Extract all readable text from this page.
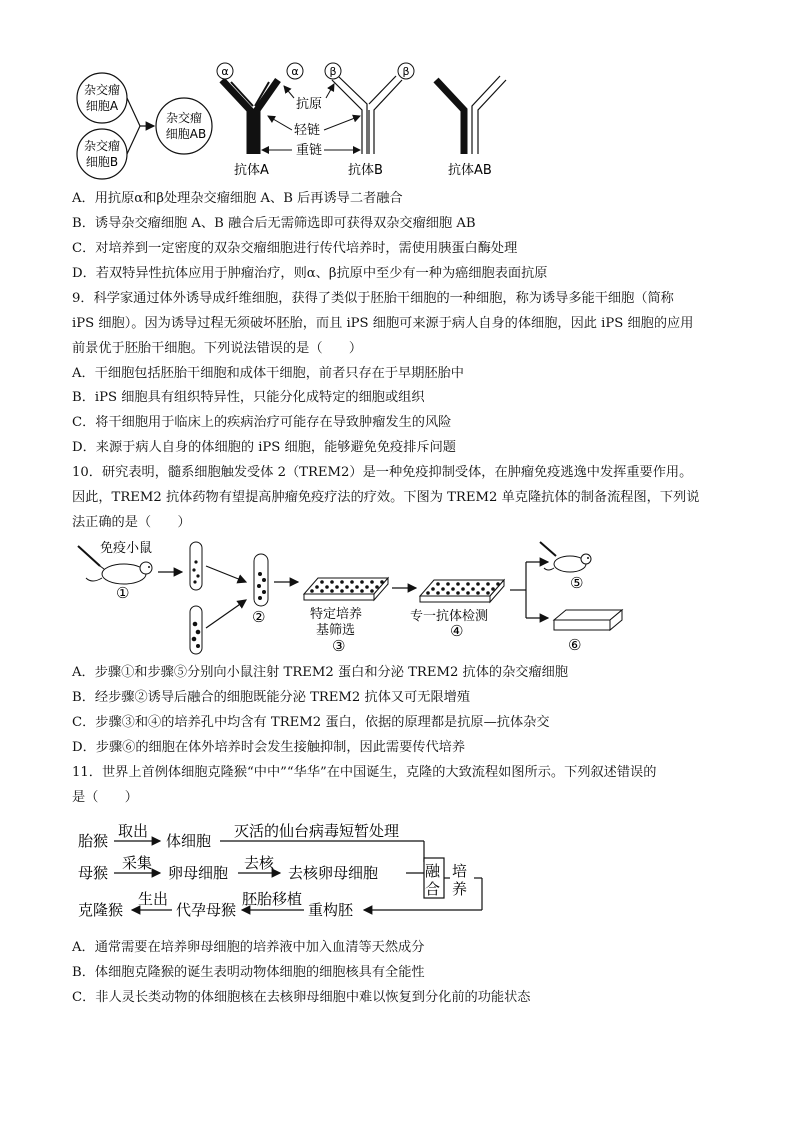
杂交瘤
细胞A
杂交瘤
细胞B
杂交瘤
细胞AB
α	α	β	β
抗原
轻链
重链
抗体A	抗体B	抗体AB
A．用抗原α和β处理杂交瘤细胞 A、B 后再诱导二者融合
B．诱导杂交瘤细胞 A、B 融合后无需筛选即可获得双杂交瘤细胞 AB
C．对培养到一定密度的双杂交瘤细胞进行传代培养时，需使用胰蛋白酶处理
D．若双特异性抗体应用于肿瘤治疗，则α、β抗原中至少有一种为癌细胞表面抗原
9．科学家通过体外诱导成纤维细胞，获得了类似于胚胎干细胞的一种细胞，称为诱导多能干细胞（简称
iPS 细胞）。因为诱导过程无须破坏胚胎，而且 iPS 细胞可来源于病人自身的体细胞，因此 iPS 细胞的应用
前景优于胚胎干细胞。下列说法错误的是（　　）
A．干细胞包括胚胎干细胞和成体干细胞，前者只存在于早期胚胎中
B．iPS 细胞具有组织特异性，只能分化成特定的细胞或组织
C．将干细胞用于临床上的疾病治疗可能存在导致肿瘤发生的风险
D．来源于病人自身的体细胞的 iPS 细胞，能够避免免疫排斥问题
10．研究表明，髓系细胞触发受体 2（TREM2）是一种免疫抑制受体，在肿瘤免疫逃逸中发挥重要作用。
因此，TREM2 抗体药物有望提高肿瘤免疫疗法的疗效。下图为 TREM2 单克隆抗体的制备流程图，下列说
法正确的是（　　）
免疫小鼠
①
②	特定培养
基筛选
③
专一抗体检测
④
⑤
⑥
A．步骤①和步骤⑤分别向小鼠注射 TREM2 蛋白和分泌 TREM2 抗体的杂交瘤细胞
B．经步骤②诱导后融合的细胞既能分泌 TREM2 抗体又可无限增殖
C．步骤③和④的培养孔中均含有 TREM2 蛋白，依据的原理都是抗原—抗体杂交
D．步骤⑥的细胞在体外培养时会发生接触抑制，因此需要传代培养
11．世界上首例体细胞克隆猴“中中”“华华”在中国诞生，克隆的大致流程如图所示。下列叙述错误的
是（　　）
胎猴
取出
体细胞
灭活的仙台病毒短暂处理
母猴
采集
卵母细胞
去核
去核卵母细胞	融
合
培
养
重构胚
胚胎移植
代孕母猴
生出
克隆猴
A．通常需要在培养卵母细胞的培养液中加入血清等天然成分
B．体细胞克隆猴的诞生表明动物体细胞的细胞核具有全能性
C．非人灵长类动物的体细胞核在去核卵母细胞中难以恢复到分化前的功能状态
